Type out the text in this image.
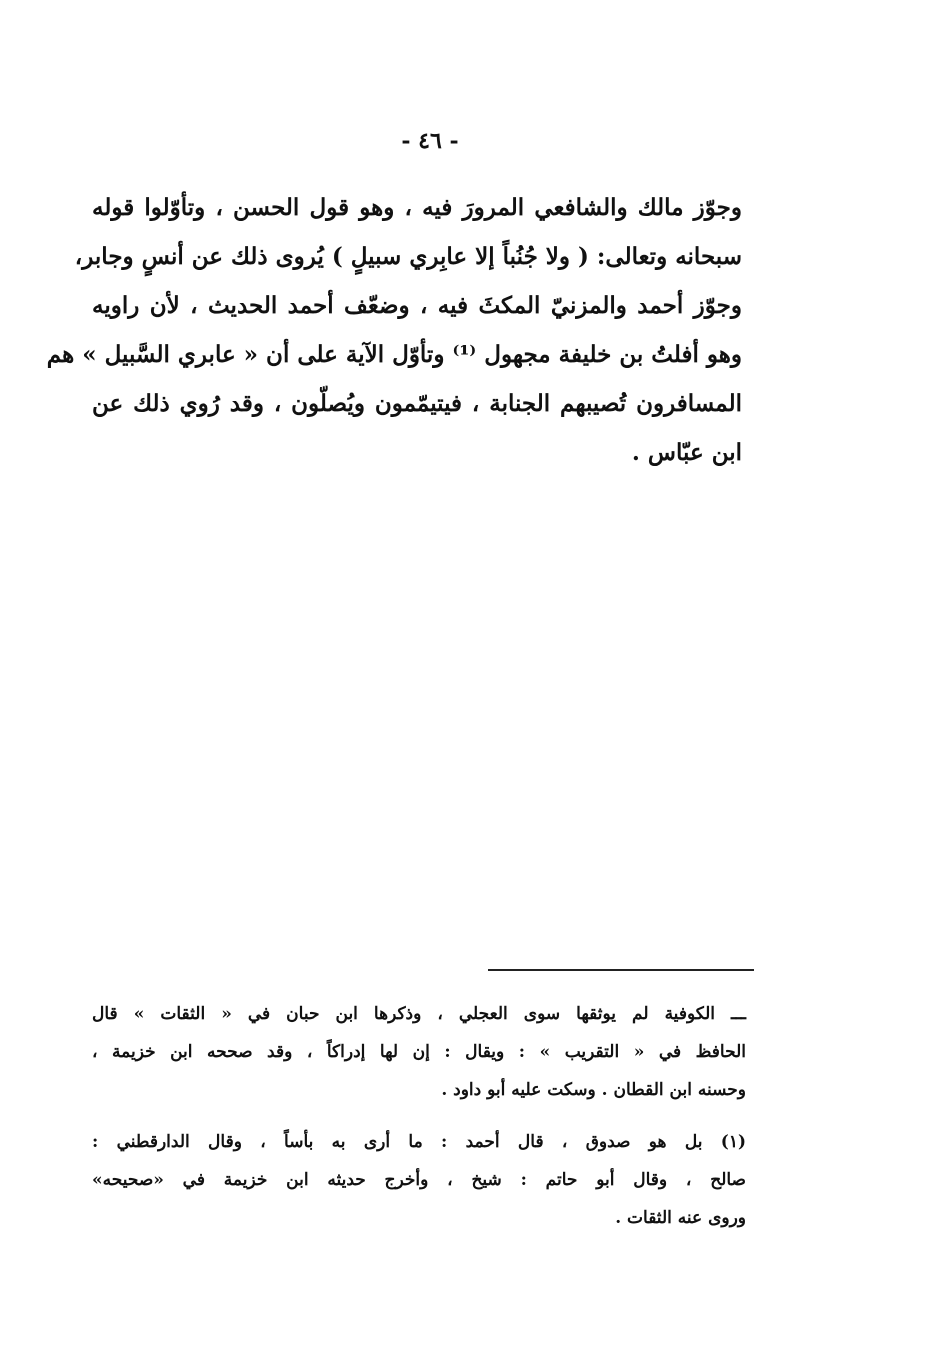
- ٤٦ -
وجوّز مالك والشافعي المرورَ فيه ، وهو قول الحسن ، وتأوّلوا قوله
سبحانه وتعالى: ( ولا جُنُباً إلا عابِري سبيلٍ ) يُروى ذلك عن أنسٍ وجابر،
وجوّز أحمد والمزنيّ المكثَ فيه ، وضعّف أحمد الحديث ، لأن راويه
وهو أفلتُ بن خليفة مجهول ⁽¹⁾ وتأوّل الآية على أن « عابري السَّبيل » هم
المسافرون تُصيبهم الجنابة ، فيتيمّمون ويُصلّون ، وقد رُوي ذلك عن
ابن عبّاس .
ـــ الكوفية لم يوثقها سوى العجلي ، وذكرها ابن حبان في « الثقات » قال
الحافظ في « التقريب » : ويقال : إن لها إدراكاً ، وقد صححه ابن خزيمة ،
وحسنه ابن القطان . وسكت عليه أبو داود .
(١) بل هو صدوق ، قال أحمد : ما أرى به بأساً ، وقال الدارقطني :
صالح ، وقال أبو حاتم : شيخ ، وأخرج حديثه ابن خزيمة في «صحيحه»
وروى عنه الثقات .
